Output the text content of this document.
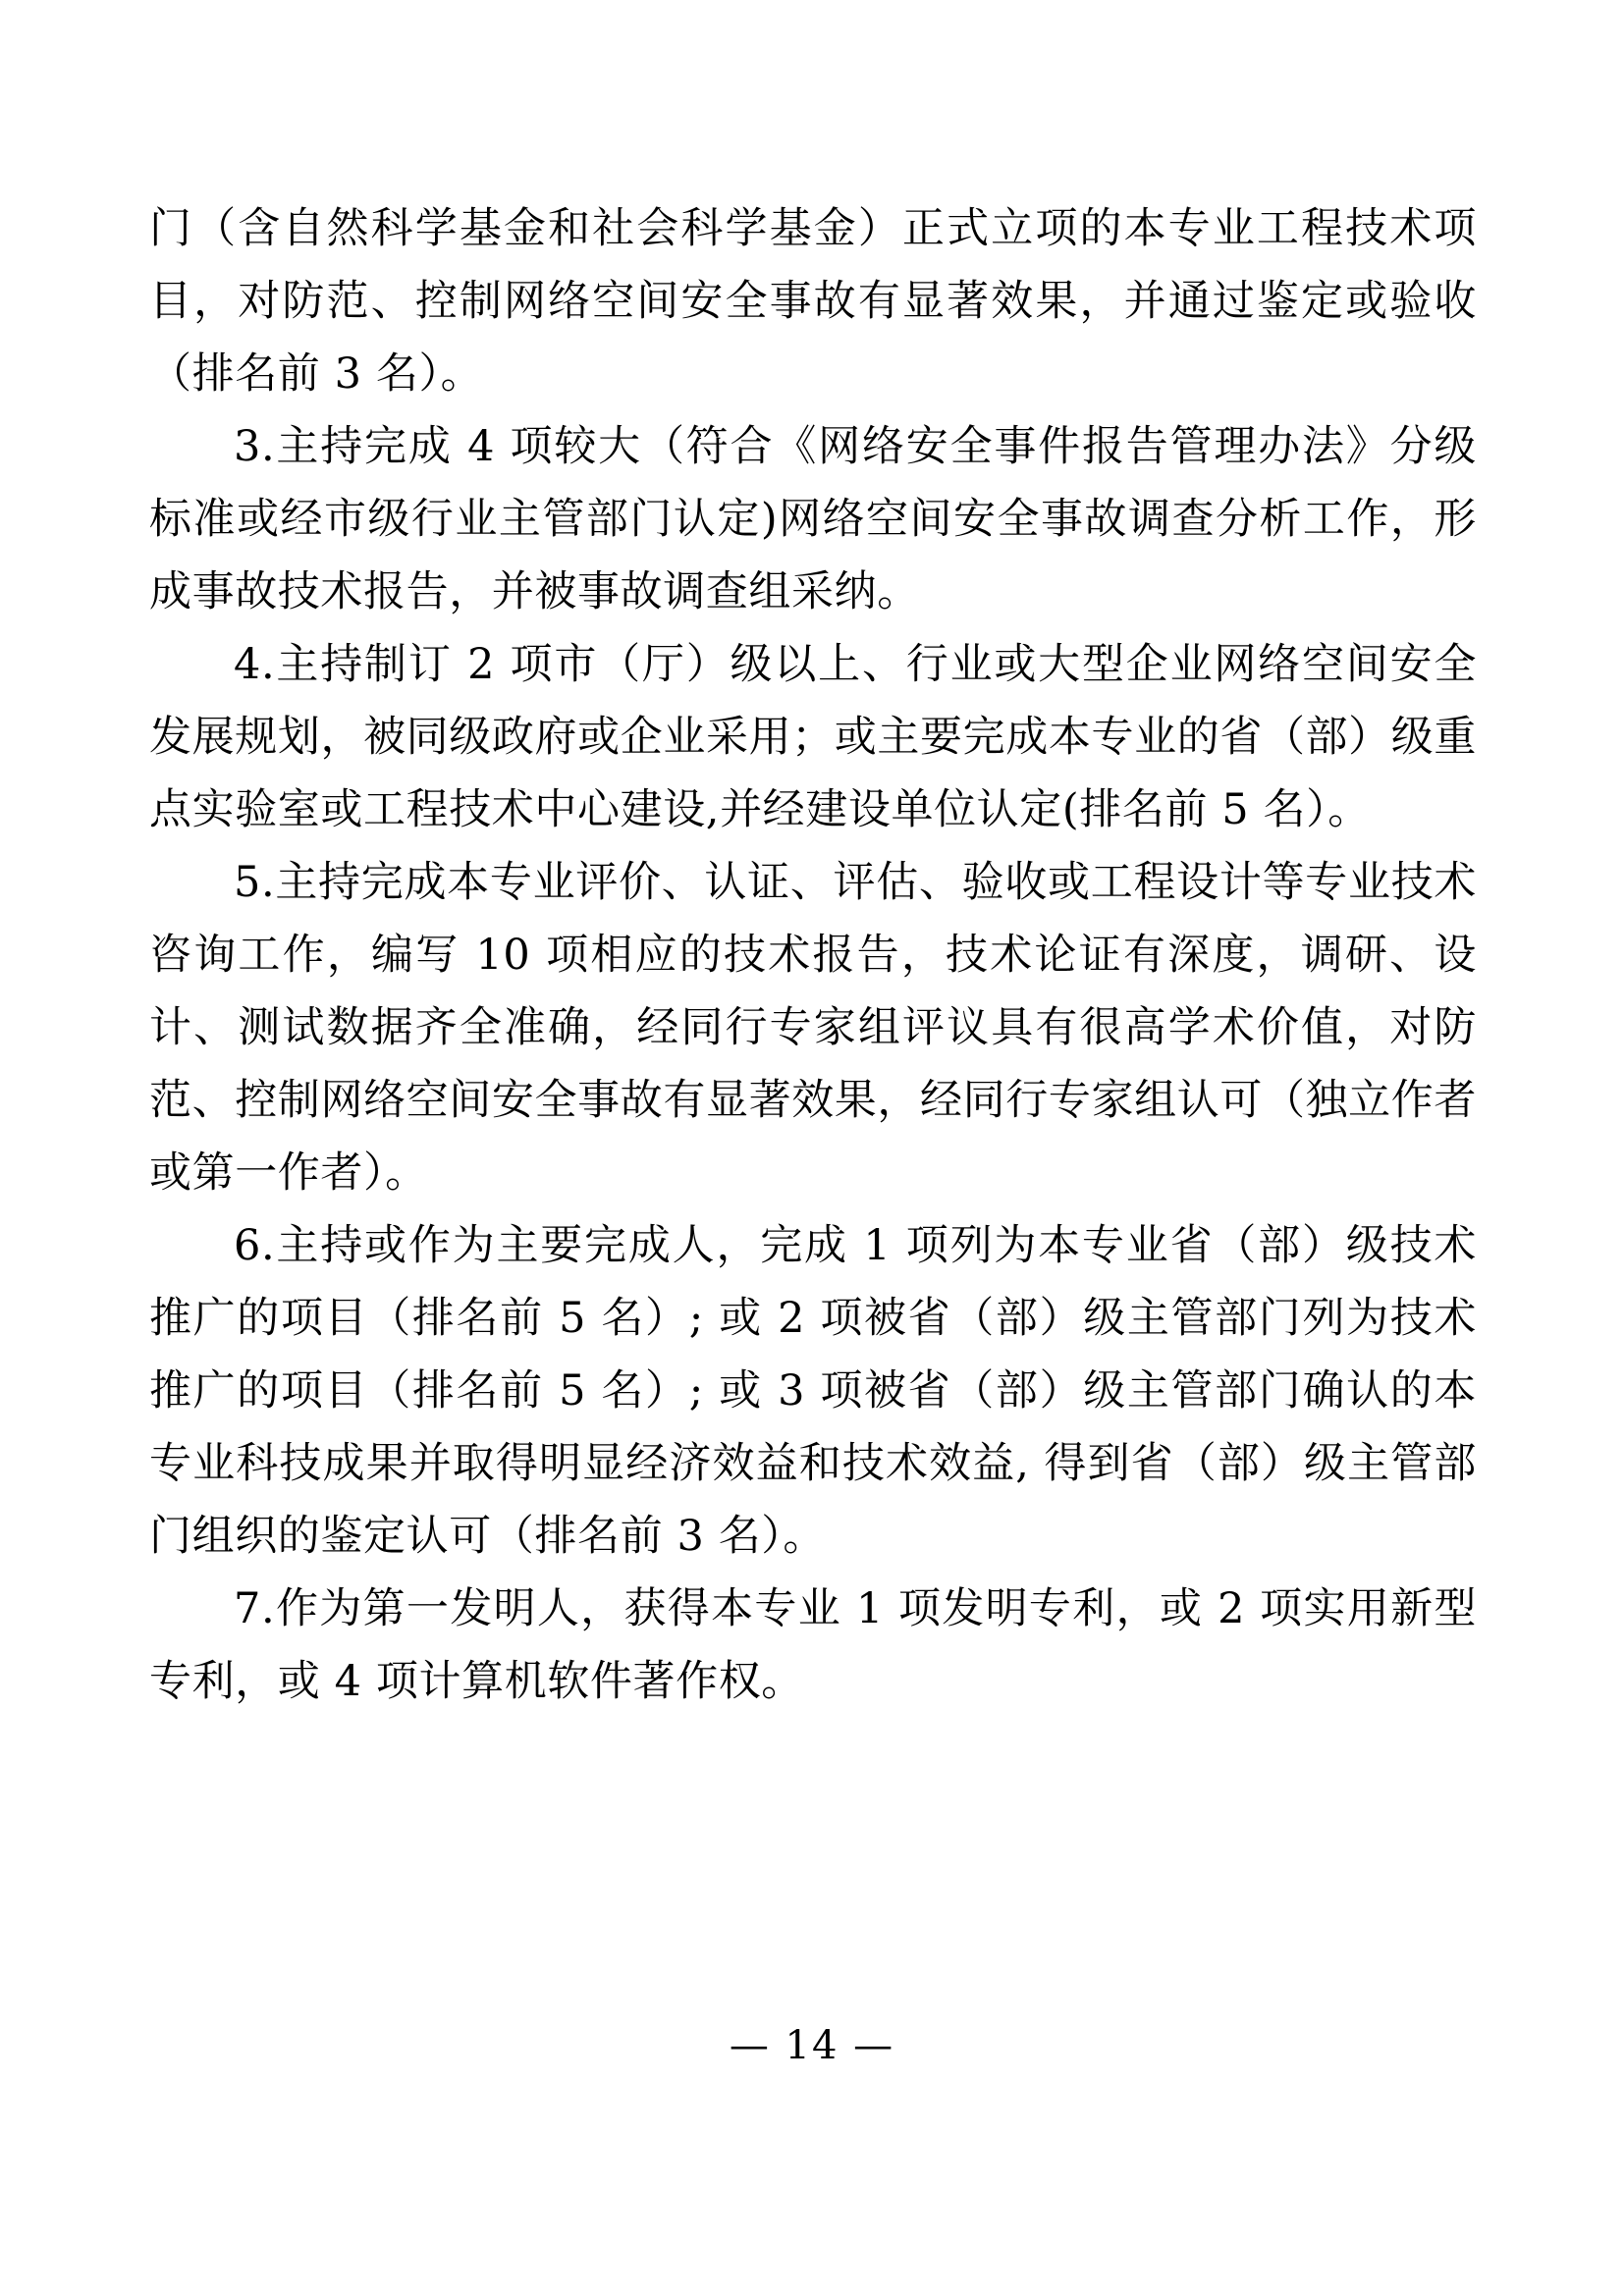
门（含自然科学基金和社会科学基金）正式立项的本专业工程技术项目，对防范、控制网络空间安全事故有显著效果，并通过鉴定或验收（排名前 3 名）。

3.主持完成 4 项较大（符合《网络安全事件报告管理办法》分级标准或经市级行业主管部门认定)网络空间安全事故调查分析工作，形成事故技术报告，并被事故调查组采纳。

4.主持制订 2 项市（厅）级以上、行业或大型企业网络空间安全发展规划，被同级政府或企业采用；或主要完成本专业的省（部）级重点实验室或工程技术中心建设,并经建设单位认定(排名前 5 名）。

5.主持完成本专业评价、认证、评估、验收或工程设计等专业技术咨询工作，编写 10 项相应的技术报告，技术论证有深度，调研、设计、测试数据齐全准确，经同行专家组评议具有很高学术价值，对防范、控制网络空间安全事故有显著效果，经同行专家组认可（独立作者或第一作者）。

6.主持或作为主要完成人，完成 1 项列为本专业省（部）级技术推广的项目（排名前 5 名）; 或 2 项被省（部）级主管部门列为技术推广的项目（排名前 5 名）; 或 3 项被省（部）级主管部门确认的本专业科技成果并取得明显经济效益和技术效益, 得到省（部）级主管部门组织的鉴定认可（排名前 3 名）。

7.作为第一发明人，获得本专业 1 项发明专利，或 2 项实用新型专利，或 4 项计算机软件著作权。

— 14 —
